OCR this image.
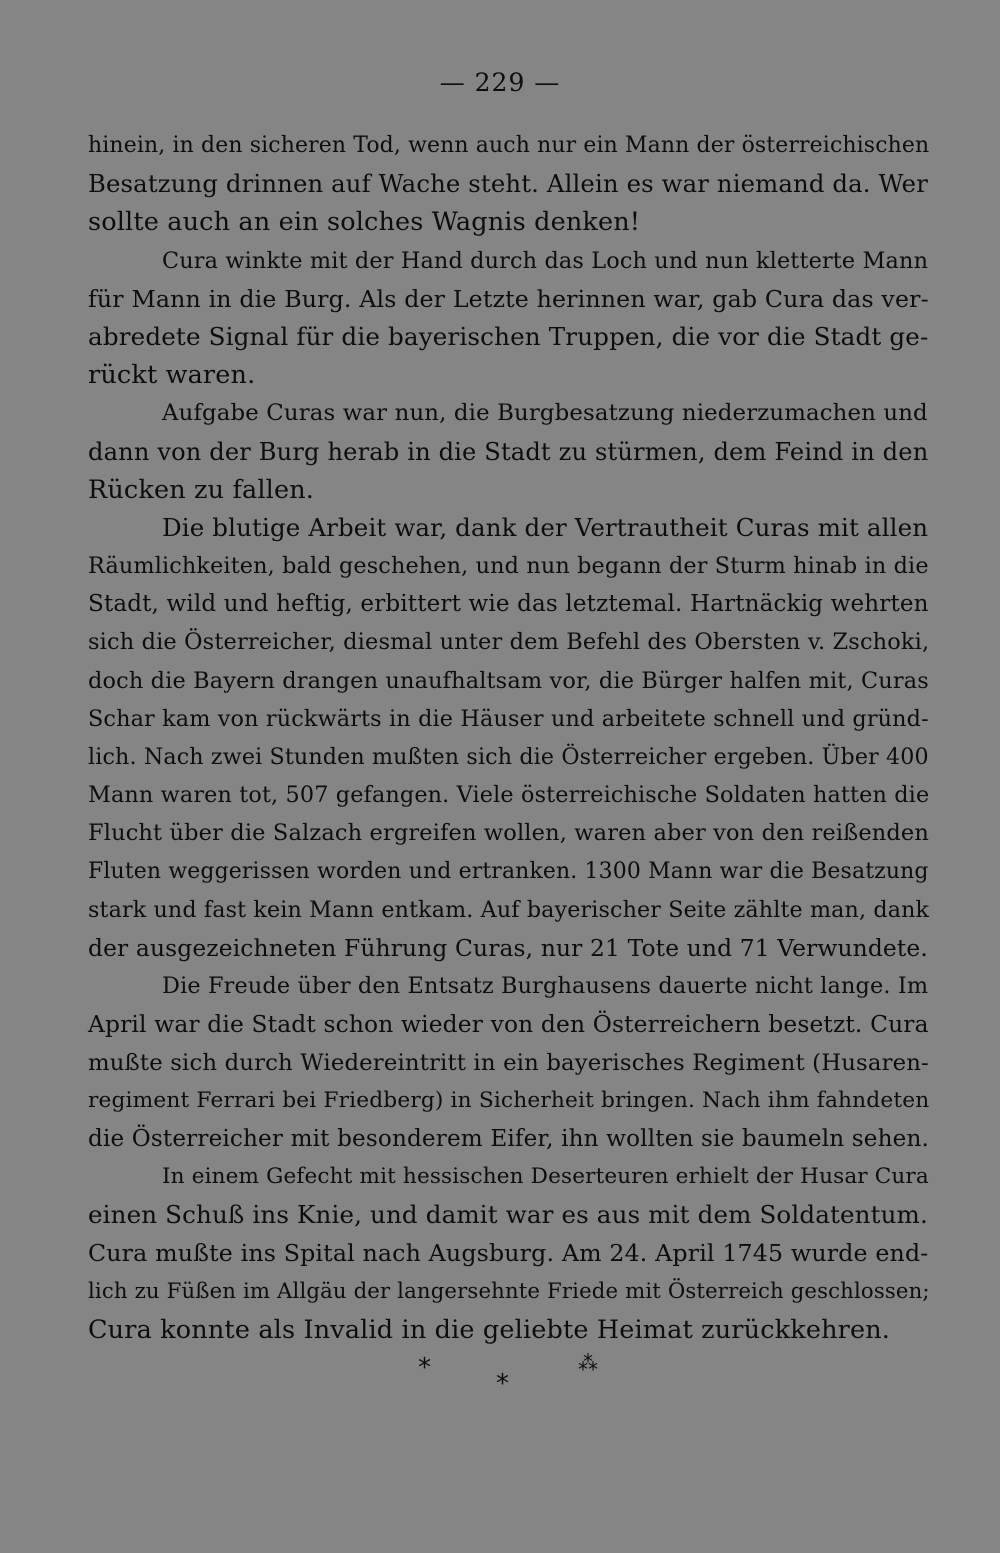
— 229 —
hinein, in den sicheren Tod, wenn auch nur ein Mann der österreichischen
Besatzung drinnen auf Wache steht. Allein es war niemand da. Wer
sollte auch an ein solches Wagnis denken!
Cura winkte mit der Hand durch das Loch und nun kletterte Mann
für Mann in die Burg. Als der Letzte herinnen war, gab Cura das ver-
abredete Signal für die bayerischen Truppen, die vor die Stadt ge-
rückt waren.
Aufgabe Curas war nun, die Burgbesatzung niederzumachen und
dann von der Burg herab in die Stadt zu stürmen, dem Feind in den
Rücken zu fallen.
Die blutige Arbeit war, dank der Vertrautheit Curas mit allen
Räumlichkeiten, bald geschehen, und nun begann der Sturm hinab in die
Stadt, wild und heftig, erbittert wie das letztemal. Hartnäckig wehrten
sich die Österreicher, diesmal unter dem Befehl des Obersten v. Zschoki,
doch die Bayern drangen unaufhaltsam vor, die Bürger halfen mit, Curas
Schar kam von rückwärts in die Häuser und arbeitete schnell und gründ-
lich. Nach zwei Stunden mußten sich die Österreicher ergeben. Über 400
Mann waren tot, 507 gefangen. Viele österreichische Soldaten hatten die
Flucht über die Salzach ergreifen wollen, waren aber von den reißenden
Fluten weggerissen worden und ertranken. 1300 Mann war die Besatzung
stark und fast kein Mann entkam. Auf bayerischer Seite zählte man, dank
der ausgezeichneten Führung Curas, nur 21 Tote und 71 Verwundete.
Die Freude über den Entsatz Burghausens dauerte nicht lange. Im
April war die Stadt schon wieder von den Österreichern besetzt. Cura
mußte sich durch Wiedereintritt in ein bayerisches Regiment (Husaren-
regiment Ferrari bei Friedberg) in Sicherheit bringen. Nach ihm fahndeten
die Österreicher mit besonderem Eifer, ihn wollten sie baumeln sehen.
In einem Gefecht mit hessischen Deserteuren erhielt der Husar Cura
einen Schuß ins Knie, und damit war es aus mit dem Soldatentum.
Cura mußte ins Spital nach Augsburg. Am 24. April 1745 wurde end-
lich zu Füßen im Allgäu der langersehnte Friede mit Österreich geschlossen;
Cura konnte als Invalid in die geliebte Heimat zurückkehren.
*	⁂
*
